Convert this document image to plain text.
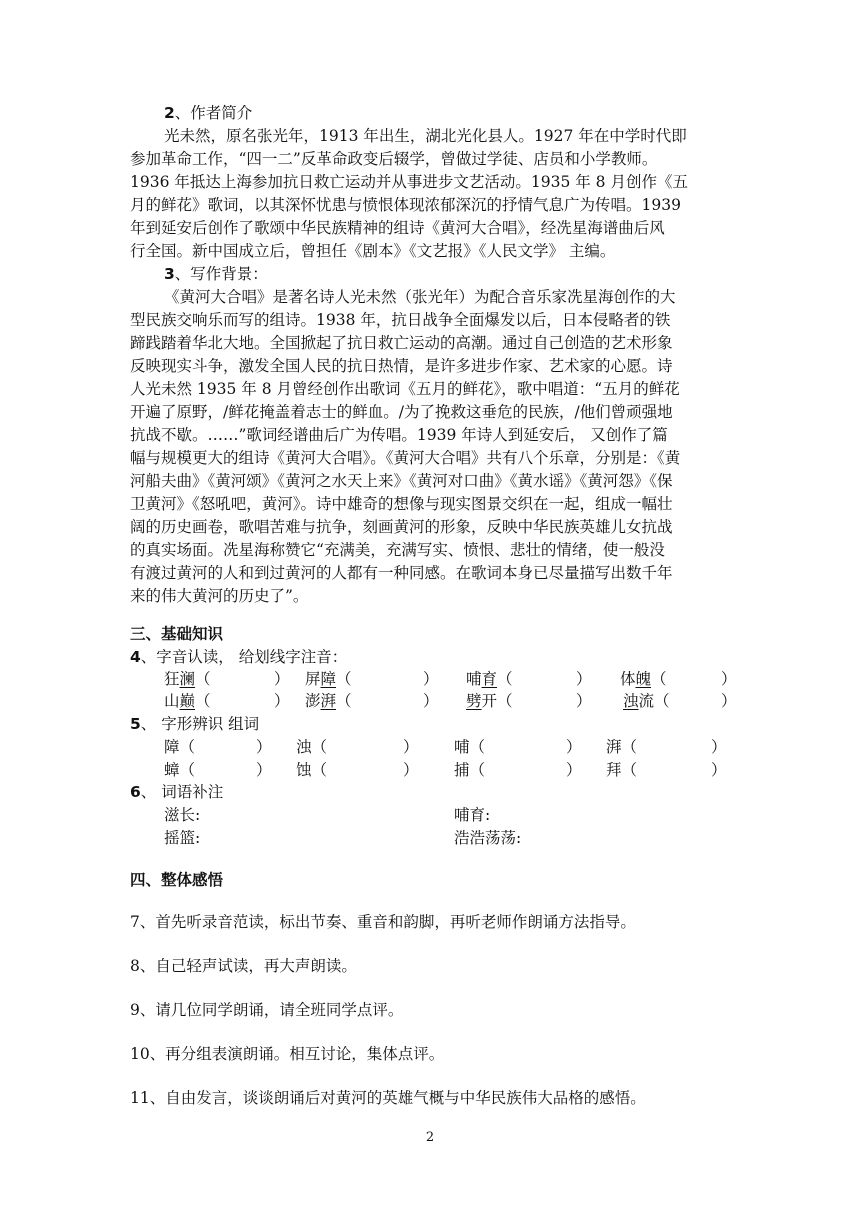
2、作者简介
光未然，原名张光年，1913 年出生，湖北光化县人。1927 年在中学时代即
参加革命工作，“四一二”反革命政变后辍学，曾做过学徒、店员和小学教师。
1936 年抵达上海参加抗日救亡运动并从事进步文艺活动。1935 年 8 月创作《五
月的鲜花》歌词，以其深怀忧患与愤恨体现浓郁深沉的抒情气息广为传唱。1939
年到延安后创作了歌颂中华民族精神的组诗《黄河大合唱》，经冼星海谱曲后风
行全国。新中国成立后，曾担任《剧本》《文艺报》《人民文学》 主编。
3、写作背景：
《黄河大合唱》是著名诗人光未然（张光年）为配合音乐家冼星海创作的大
型民族交响乐而写的组诗。1938 年，抗日战争全面爆发以后，日本侵略者的铁
蹄践踏着华北大地。全国掀起了抗日救亡运动的高潮。通过自己创造的艺术形象
反映现实斗争，激发全国人民的抗日热情，是许多进步作家、艺术家的心愿。诗
人光未然 1935 年 8 月曾经创作出歌词《五月的鲜花》，歌中唱道：“五月的鲜花
开遍了原野，/鲜花掩盖着志士的鲜血。/为了挽救这垂危的民族，/他们曾顽强地
抗战不歇。……”歌词经谱曲后广为传唱。1939 年诗人到延安后， 又创作了篇
幅与规模更大的组诗《黄河大合唱》。《黄河大合唱》共有八个乐章，分别是：《黄
河船夫曲》《黄河颂》《黄河之水天上来》《黄河对口曲》《黄水谣》《黄河怨》《保
卫黄河》《怒吼吧，黄河》。诗中雄奇的想像与现实图景交织在一起，组成一幅壮
阔的历史画卷，歌唱苦难与抗争，刻画黄河的形象，反映中华民族英雄儿女抗战
的真实场面。冼星海称赞它“充满美，充满写实、愤恨、悲壮的情绪，使一般没
有渡过黄河的人和到过黄河的人都有一种同感。在歌词本身已尽量描写出数千年
来的伟大黄河的历史了”。
三、基础知识
4、字音认读， 给划线字注音：
狂澜（	） 屏障（	） 哺育（	） 体魄（	）
山巅（	） 澎湃（	） 劈开（	） 浊流（	）
5、 字形辨识 组词
障（	） 浊（	） 哺（	） 湃（	）
蟑（	） 蚀（	） 捕（	） 拜（	）
6、 词语补注
滋长:	哺育:
摇篮:	浩浩荡荡:
四、整体感悟
7、首先听录音范读，标出节奏、重音和韵脚，再听老师作朗诵方法指导。
8、自己轻声试读，再大声朗读。
9、请几位同学朗诵，请全班同学点评。
10、再分组表演朗诵。相互讨论，集体点评。
11、自由发言，谈谈朗诵后对黄河的英雄气概与中华民族伟大品格的感悟。
2
